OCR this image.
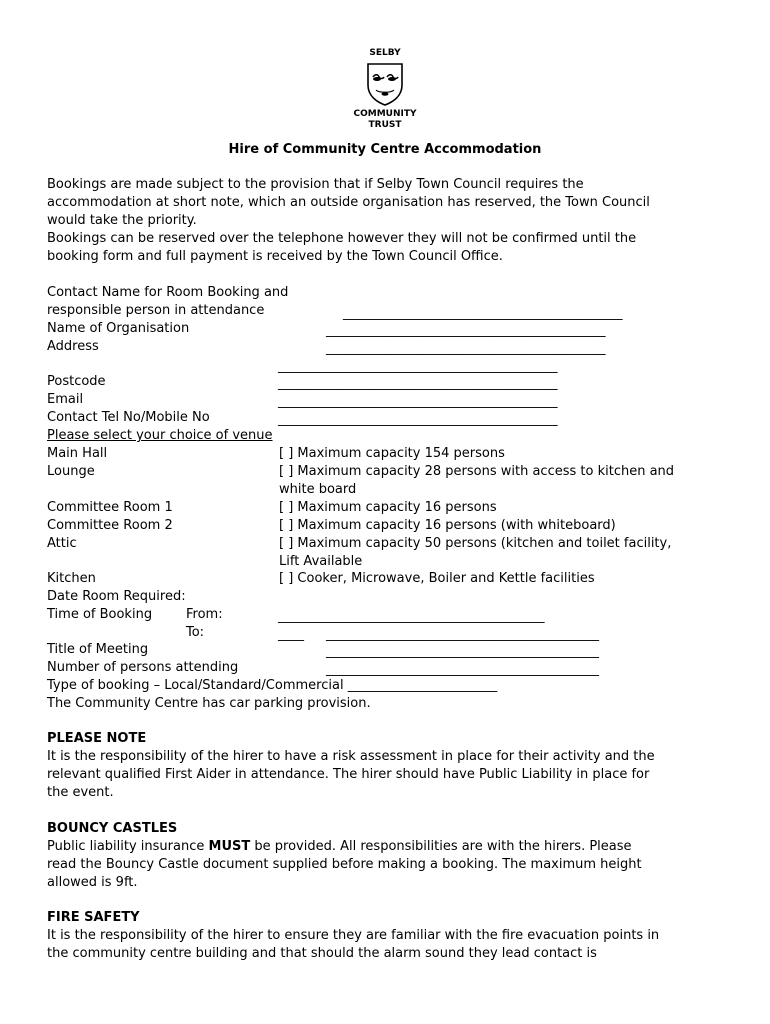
SELBY
COMMUNITY
TRUST
Hire of Community Centre Accommodation
Bookings are made subject to the provision that if Selby Town Council requires the
accommodation at short note, which an outside organisation has reserved, the Town Council
would take the priority.
Bookings can be reserved over the telephone however they will not be confirmed until the
booking form and full payment is received by the Town Council Office.
Contact Name for Room Booking and
responsible person in attendance	___________________________________________
Name of Organisation	___________________________________________
Address	___________________________________________
___________________________________________
Postcode	___________________________________________
Email	___________________________________________
Contact Tel No/Mobile No	___________________________________________
Please select your choice of venue
Main Hall	[ ] Maximum capacity 154 persons
Lounge	[ ] Maximum capacity 28 persons with access to kitchen and
white board
Committee Room 1	[ ] Maximum capacity 16 persons
Committee Room 2	[ ] Maximum capacity 16 persons (with whiteboard)
Attic	[ ] Maximum capacity 50 persons (kitchen and toilet facility,
Lift Available
Kitchen	[ ] Cooker, Microwave, Boiler and Kettle facilities
Date Room Required:
Time of Booking	From:	_________________________________________
To:	____ __________________________________________
Title of Meeting	__________________________________________
Number of persons attending	__________________________________________
Type of booking – Local/Standard/Commercial _______________________
The Community Centre has car parking provision.
PLEASE NOTE
It is the responsibility of the hirer to have a risk assessment in place for their activity and the
relevant qualified First Aider in attendance. The hirer should have Public Liability in place for
the event.
BOUNCY CASTLES
Public liability insurance MUST be provided. All responsibilities are with the hirers. Please
read the Bouncy Castle document supplied before making a booking. The maximum height
allowed is 9ft.
FIRE SAFETY
It is the responsibility of the hirer to ensure they are familiar with the fire evacuation points in
the community centre building and that should the alarm sound they lead contact is
